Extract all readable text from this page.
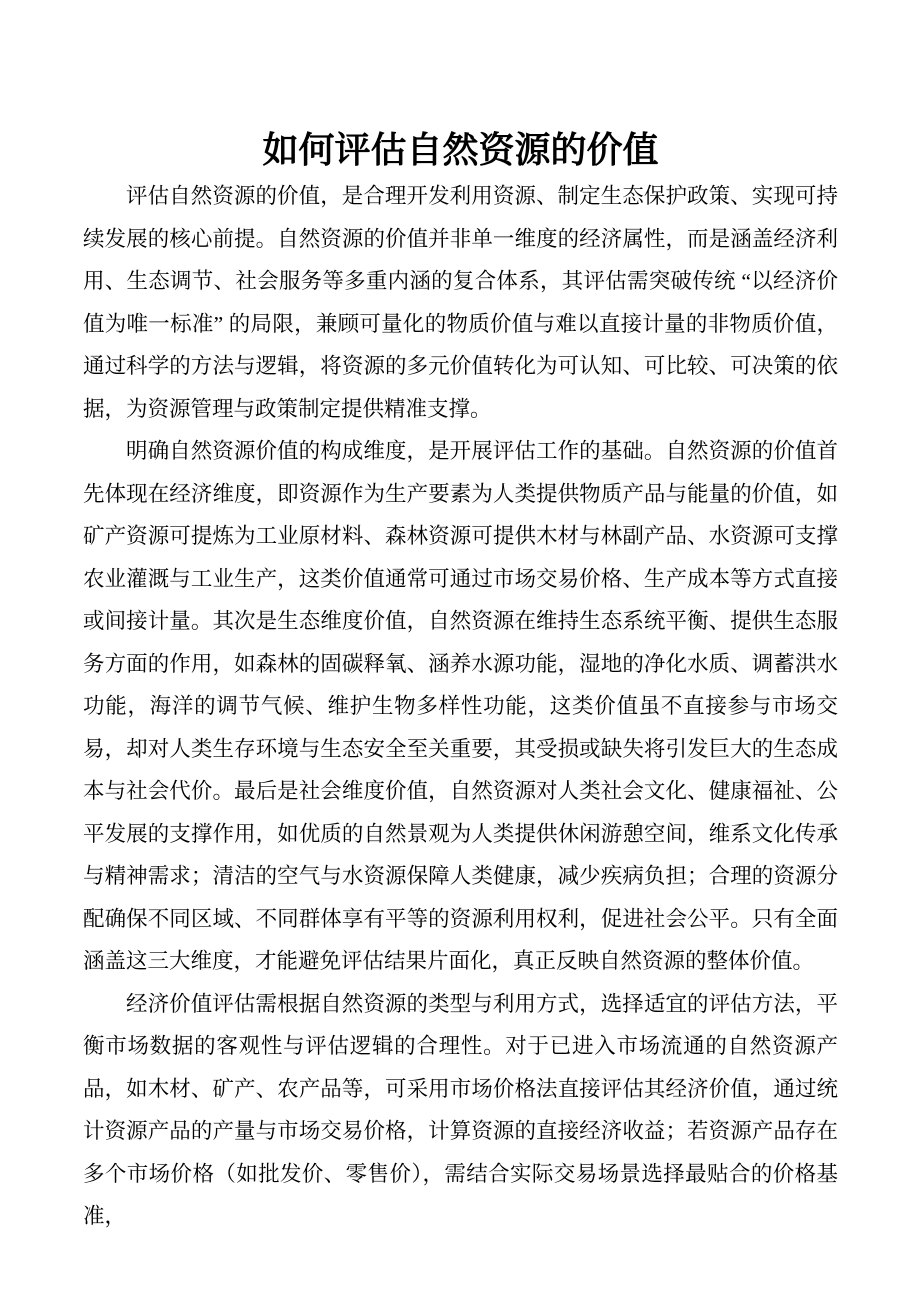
如何评估自然资源的价值

评估自然资源的价值，是合理开发利用资源、制定生态保护政策、实现可持续发展的核心前提。自然资源的价值并非单一维度的经济属性，而是涵盖经济利用、生态调节、社会服务等多重内涵的复合体系，其评估需突破传统 “以经济价值为唯一标准” 的局限，兼顾可量化的物质价值与难以直接计量的非物质价值，通过科学的方法与逻辑，将资源的多元价值转化为可认知、可比较、可决策的依据，为资源管理与政策制定提供精准支撑。

明确自然资源价值的构成维度，是开展评估工作的基础。自然资源的价值首先体现在经济维度，即资源作为生产要素为人类提供物质产品与能量的价值，如矿产资源可提炼为工业原材料、森林资源可提供木材与林副产品、水资源可支撑农业灌溉与工业生产，这类价值通常可通过市场交易价格、生产成本等方式直接或间接计量。其次是生态维度价值，自然资源在维持生态系统平衡、提供生态服务方面的作用，如森林的固碳释氧、涵养水源功能，湿地的净化水质、调蓄洪水功能，海洋的调节气候、维护生物多样性功能，这类价值虽不直接参与市场交易，却对人类生存环境与生态安全至关重要，其受损或缺失将引发巨大的生态成本与社会代价。最后是社会维度价值，自然资源对人类社会文化、健康福祉、公平发展的支撑作用，如优质的自然景观为人类提供休闲游憩空间，维系文化传承与精神需求；清洁的空气与水资源保障人类健康，减少疾病负担；合理的资源分配确保不同区域、不同群体享有平等的资源利用权利，促进社会公平。只有全面涵盖这三大维度，才能避免评估结果片面化，真正反映自然资源的整体价值。

经济价值评估需根据自然资源的类型与利用方式，选择适宜的评估方法，平衡市场数据的客观性与评估逻辑的合理性。对于已进入市场流通的自然资源产品，如木材、矿产、农产品等，可采用市场价格法直接评估其经济价值，通过统计资源产品的产量与市场交易价格，计算资源的直接经济收益；若资源产品存在多个市场价格（如批发价、零售价），需结合实际交易场景选择最贴合的价格基准，
